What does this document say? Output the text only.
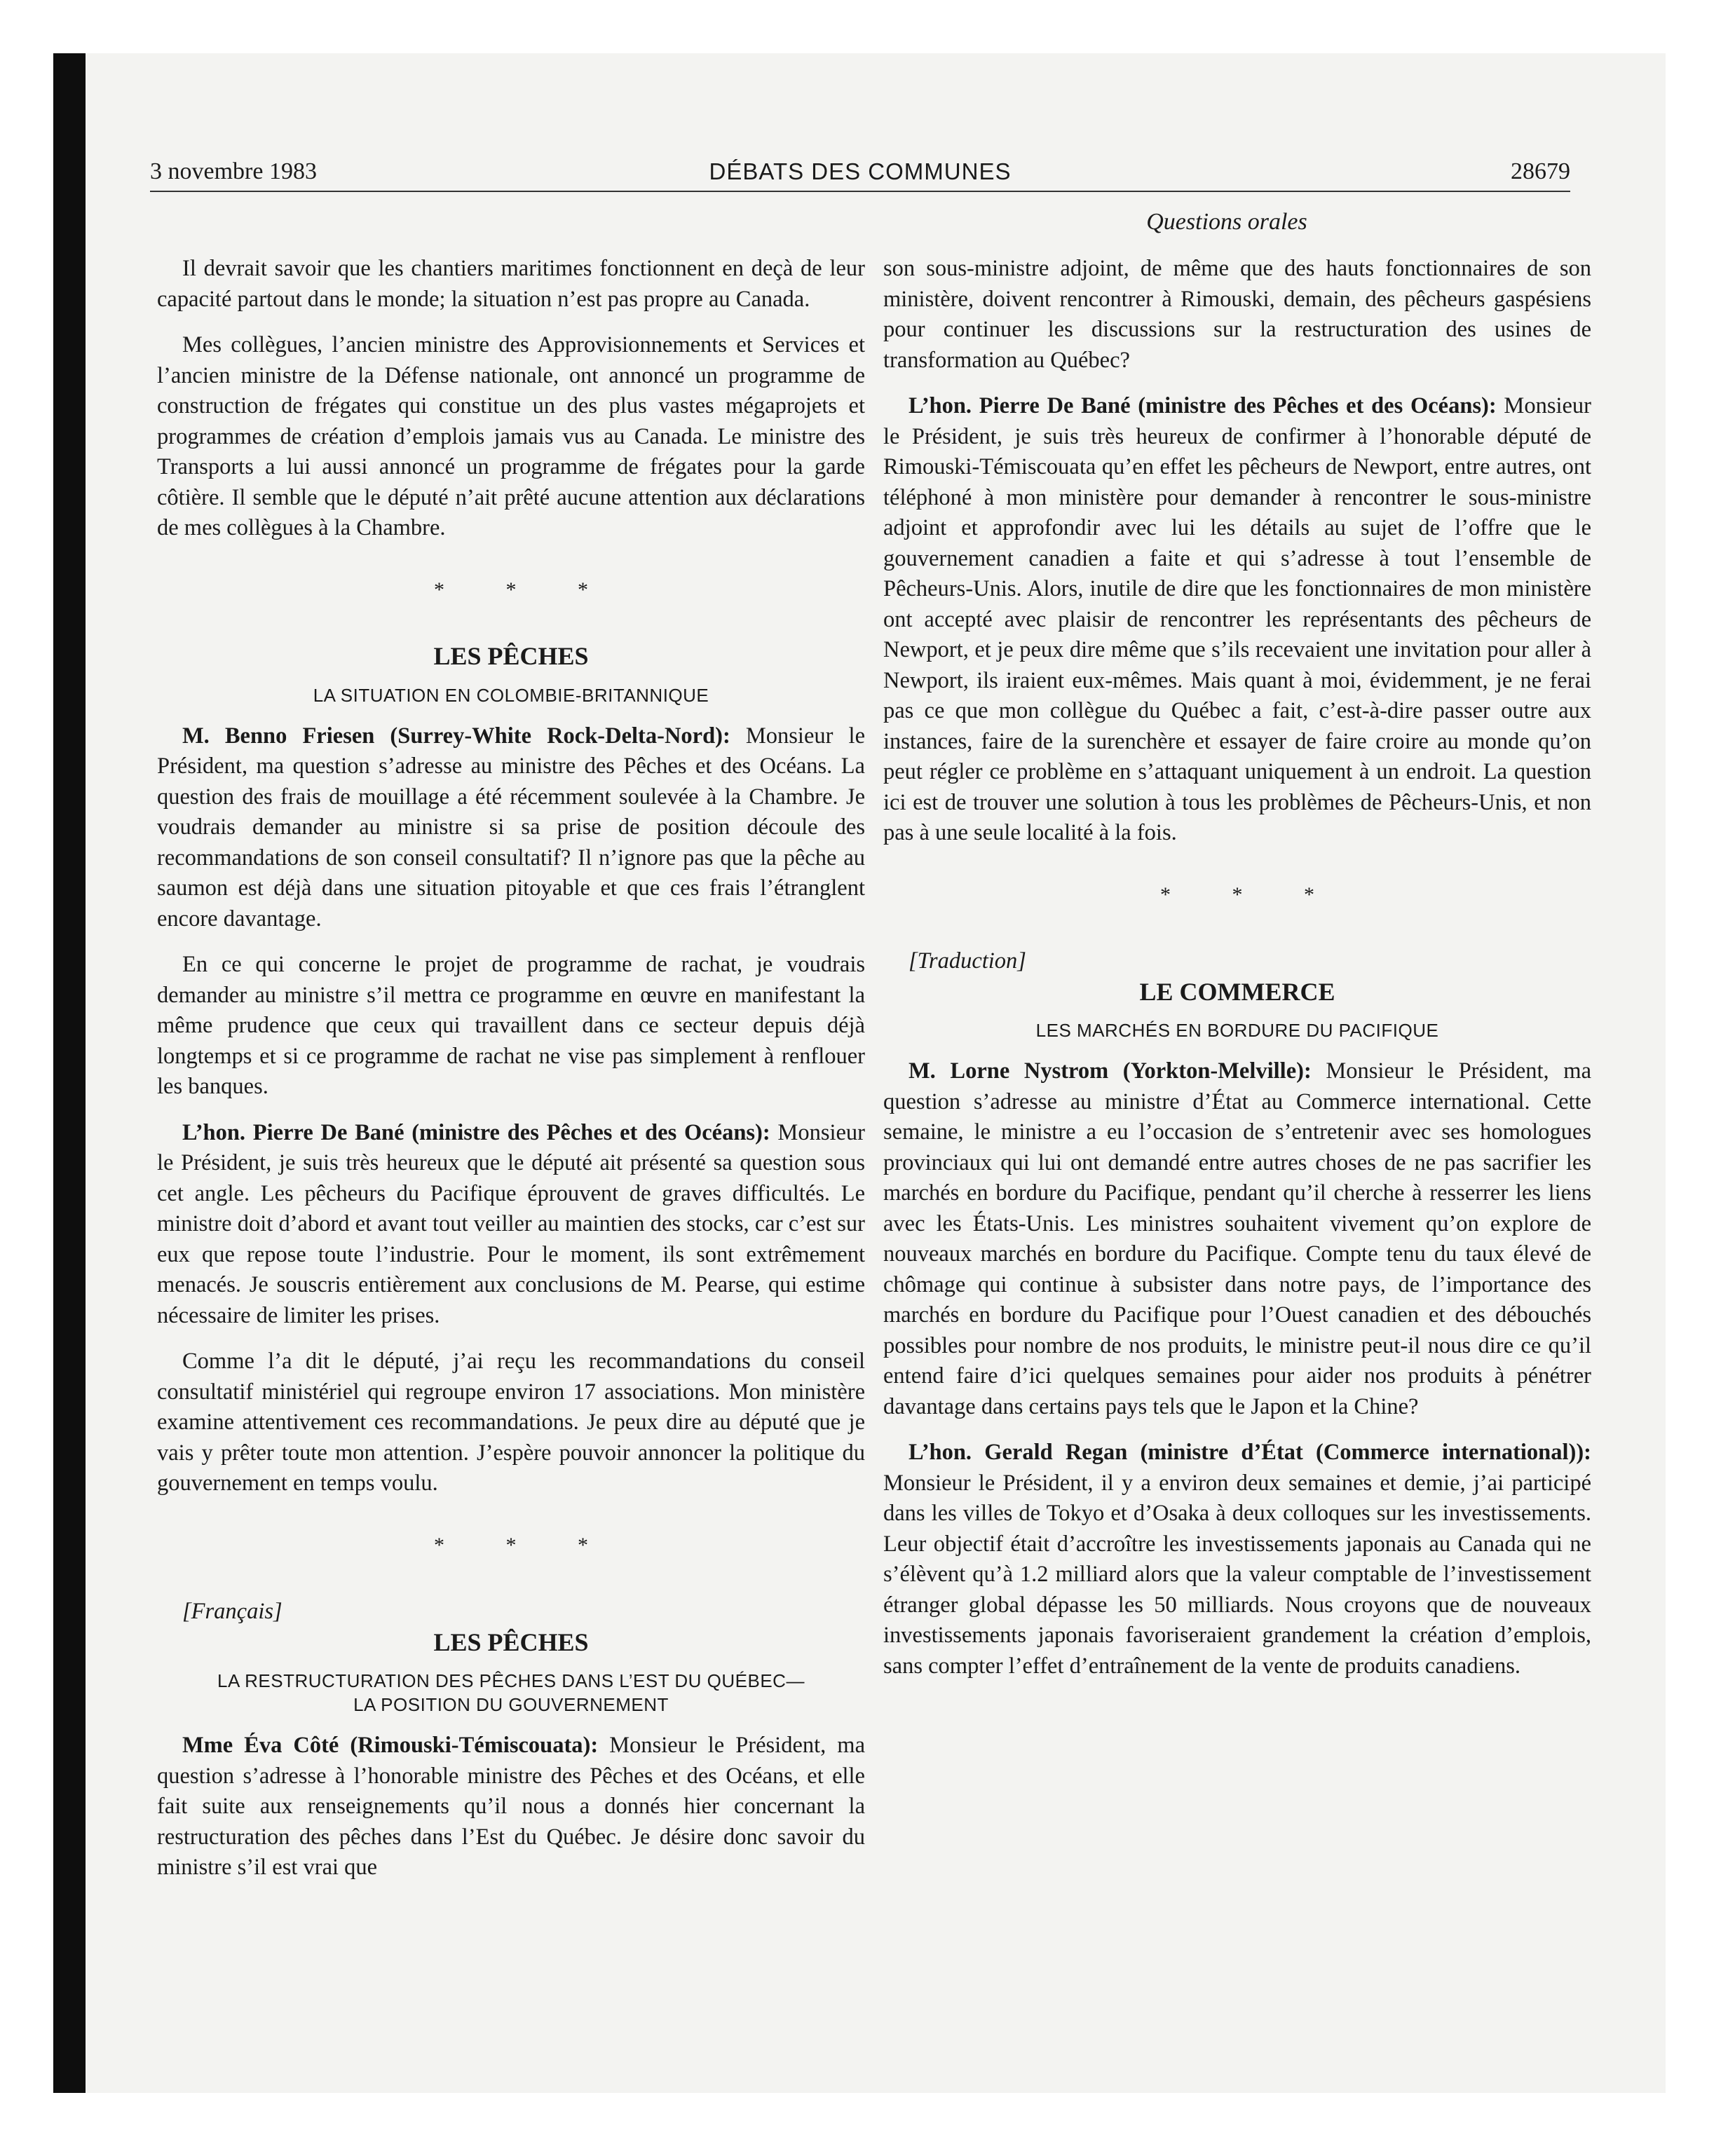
3 novembre 1983	DÉBATS DES COMMUNES	28679
Questions orales

Il devrait savoir que les chantiers maritimes fonctionnent en deçà de leur capacité partout dans le monde; la situation n’est pas propre au Canada.

Mes collègues, l’ancien ministre des Approvisionnements et Services et l’ancien ministre de la Défense nationale, ont annoncé un programme de construction de frégates qui constitue un des plus vastes mégaprojets et programmes de création d’emplois jamais vus au Canada. Le ministre des Transports a lui aussi annoncé un programme de frégates pour la garde côtière. Il semble que le député n’ait prêté aucune attention aux déclarations de mes collègues à la Chambre.

* * *
LES PÊCHES
LA SITUATION EN COLOMBIE-BRITANNIQUE

M. Benno Friesen (Surrey-White Rock-Delta-Nord): Monsieur le Président, ma question s’adresse au ministre des Pêches et des Océans. La question des frais de mouillage a été récemment soulevée à la Chambre. Je voudrais demander au ministre si sa prise de position découle des recommandations de son conseil consultatif? Il n’ignore pas que la pêche au saumon est déjà dans une situation pitoyable et que ces frais l’étranglent encore davantage.

En ce qui concerne le projet de programme de rachat, je voudrais demander au ministre s’il mettra ce programme en œuvre en manifestant la même prudence que ceux qui travaillent dans ce secteur depuis déjà longtemps et si ce programme de rachat ne vise pas simplement à renflouer les banques.

L’hon. Pierre De Bané (ministre des Pêches et des Océans): Monsieur le Président, je suis très heureux que le député ait présenté sa question sous cet angle. Les pêcheurs du Pacifique éprouvent de graves difficultés. Le ministre doit d’abord et avant tout veiller au maintien des stocks, car c’est sur eux que repose toute l’industrie. Pour le moment, ils sont extrêmement menacés. Je souscris entièrement aux conclusions de M. Pearse, qui estime nécessaire de limiter les prises.

Comme l’a dit le député, j’ai reçu les recommandations du conseil consultatif ministériel qui regroupe environ 17 associations. Mon ministère examine attentivement ces recommandations. Je peux dire au député que je vais y prêter toute mon attention. J’espère pouvoir annoncer la politique du gouvernement en temps voulu.

* * *

[Français]

LES PÊCHES
LA RESTRUCTURATION DES PÊCHES DANS L’EST DU QUÉBEC—
LA POSITION DU GOUVERNEMENT

Mme Éva Côté (Rimouski-Témiscouata): Monsieur le Président, ma question s’adresse à l’honorable ministre des Pêches et des Océans, et elle fait suite aux renseignements qu’il nous a donnés hier concernant la restructuration des pêches dans l’Est du Québec. Je désire donc savoir du ministre s’il est vrai que

son sous-ministre adjoint, de même que des hauts fonctionnaires de son ministère, doivent rencontrer à Rimouski, demain, des pêcheurs gaspésiens pour continuer les discussions sur la restructuration des usines de transformation au Québec?

L’hon. Pierre De Bané (ministre des Pêches et des Océans): Monsieur le Président, je suis très heureux de confirmer à l’honorable député de Rimouski-Témiscouata qu’en effet les pêcheurs de Newport, entre autres, ont téléphoné à mon ministère pour demander à rencontrer le sous-ministre adjoint et approfondir avec lui les détails au sujet de l’offre que le gouvernement canadien a faite et qui s’adresse à tout l’ensemble de Pêcheurs-Unis. Alors, inutile de dire que les fonctionnaires de mon ministère ont accepté avec plaisir de rencontrer les représentants des pêcheurs de Newport, et je peux dire même que s’ils recevaient une invitation pour aller à Newport, ils iraient eux-mêmes. Mais quant à moi, évidemment, je ne ferai pas ce que mon collègue du Québec a fait, c’est-à-dire passer outre aux instances, faire de la surenchère et essayer de faire croire au monde qu’on peut régler ce problème en s’attaquant uniquement à un endroit. La question ici est de trouver une solution à tous les problèmes de Pêcheurs-Unis, et non pas à une seule localité à la fois.

* * *

[Traduction]

LE COMMERCE
LES MARCHÉS EN BORDURE DU PACIFIQUE

M. Lorne Nystrom (Yorkton-Melville): Monsieur le Président, ma question s’adresse au ministre d’État au Commerce international. Cette semaine, le ministre a eu l’occasion de s’entretenir avec ses homologues provinciaux qui lui ont demandé entre autres choses de ne pas sacrifier les marchés en bordure du Pacifique, pendant qu’il cherche à resserrer les liens avec les États-Unis. Les ministres souhaitent vivement qu’on explore de nouveaux marchés en bordure du Pacifique. Compte tenu du taux élevé de chômage qui continue à subsister dans notre pays, de l’importance des marchés en bordure du Pacifique pour l’Ouest canadien et des débouchés possibles pour nombre de nos produits, le ministre peut-il nous dire ce qu’il entend faire d’ici quelques semaines pour aider nos produits à pénétrer davantage dans certains pays tels que le Japon et la Chine?

L’hon. Gerald Regan (ministre d’État (Commerce international)): Monsieur le Président, il y a environ deux semaines et demie, j’ai participé dans les villes de Tokyo et d’Osaka à deux colloques sur les investissements. Leur objectif était d’accroître les investissements japonais au Canada qui ne s’élèvent qu’à 1.2 milliard alors que la valeur comptable de l’investissement étranger global dépasse les 50 milliards. Nous croyons que de nouveaux investissements japonais favoriseraient grandement la création d’emplois, sans compter l’effet d’entraînement de la vente de produits canadiens.
